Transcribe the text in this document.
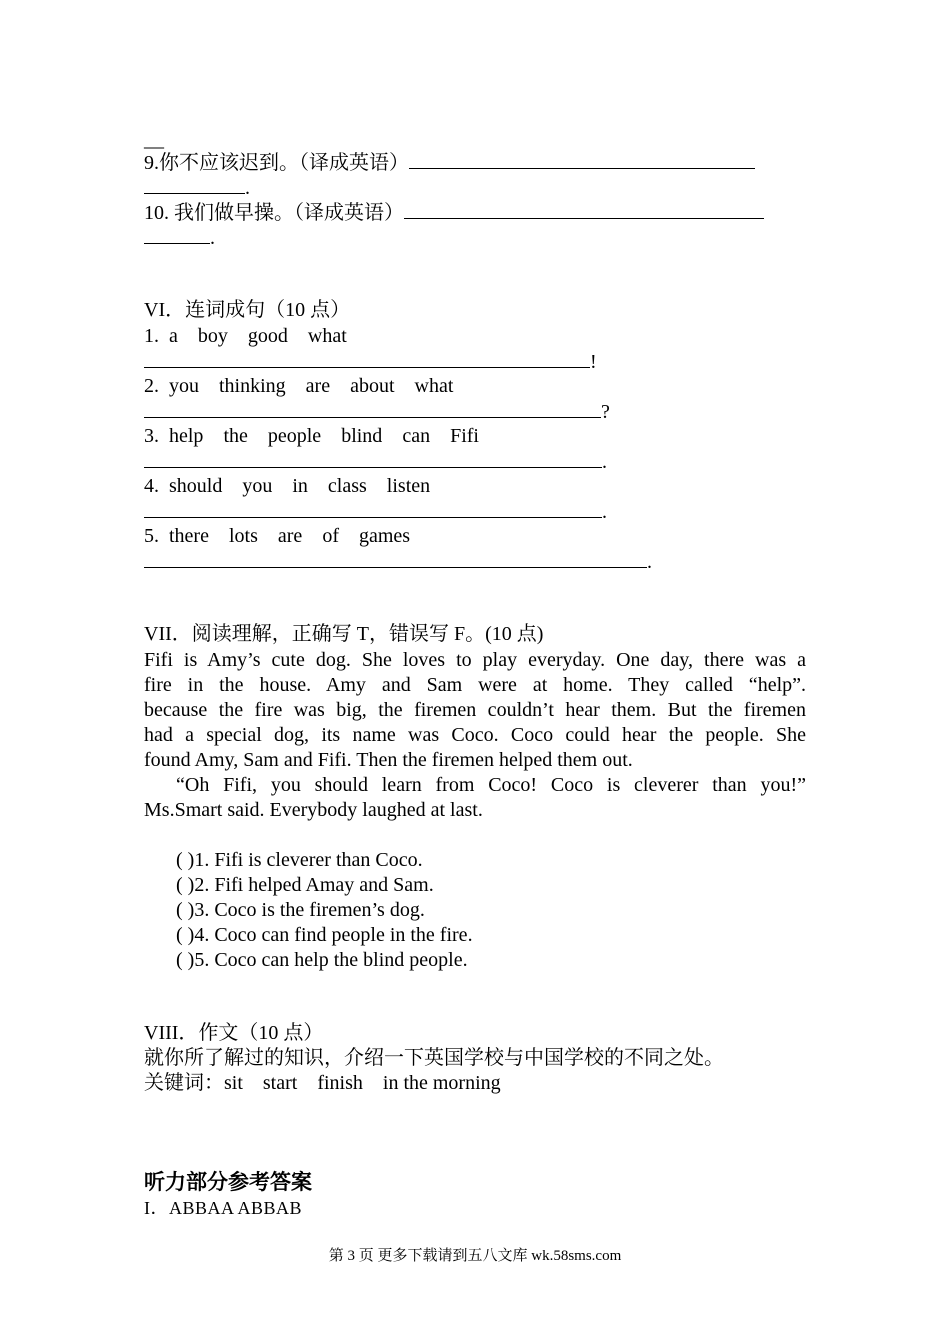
__
9.你不应该迟到。（译成英语）
.
10. 我们做早操。（译成英语）
.
VI．连词成句（10 点）
1. a boy good what
!
2. you thinking are about what
?
3. help the people blind can Fifi
.
4. should you in class listen
.
5. there lots are of games
.
VII．阅读理解，正确写 T，错误写 F。(10 点)
Fifi is Amy’s cute dog. She loves to play everyday. One day, there was a
fire in the house. Amy and Sam were at home. They called “help”.
because the fire was big, the firemen couldn’t hear them. But the firemen
had a special dog, its name was Coco. Coco could hear the people. She
found Amy, Sam and Fifi. Then the firemen helped them out.
“Oh Fifi, you should learn from Coco! Coco is cleverer than you!”
Ms.Smart said. Everybody laughed at last.
( )1. Fifi is cleverer than Coco.
( )2. Fifi helped Amay and Sam.
( )3. Coco is the firemen’s dog.
( )4. Coco can find people in the fire.
( )5. Coco can help the blind people.
VIII．作文（10 点）
就你所了解过的知识，介绍一下英国学校与中国学校的不同之处。
关键词：sit    start    finish    in the morning
听力部分参考答案
I．ABBAA ABBAB
第 3 页 更多下载请到五八文库 wk.58sms.com
